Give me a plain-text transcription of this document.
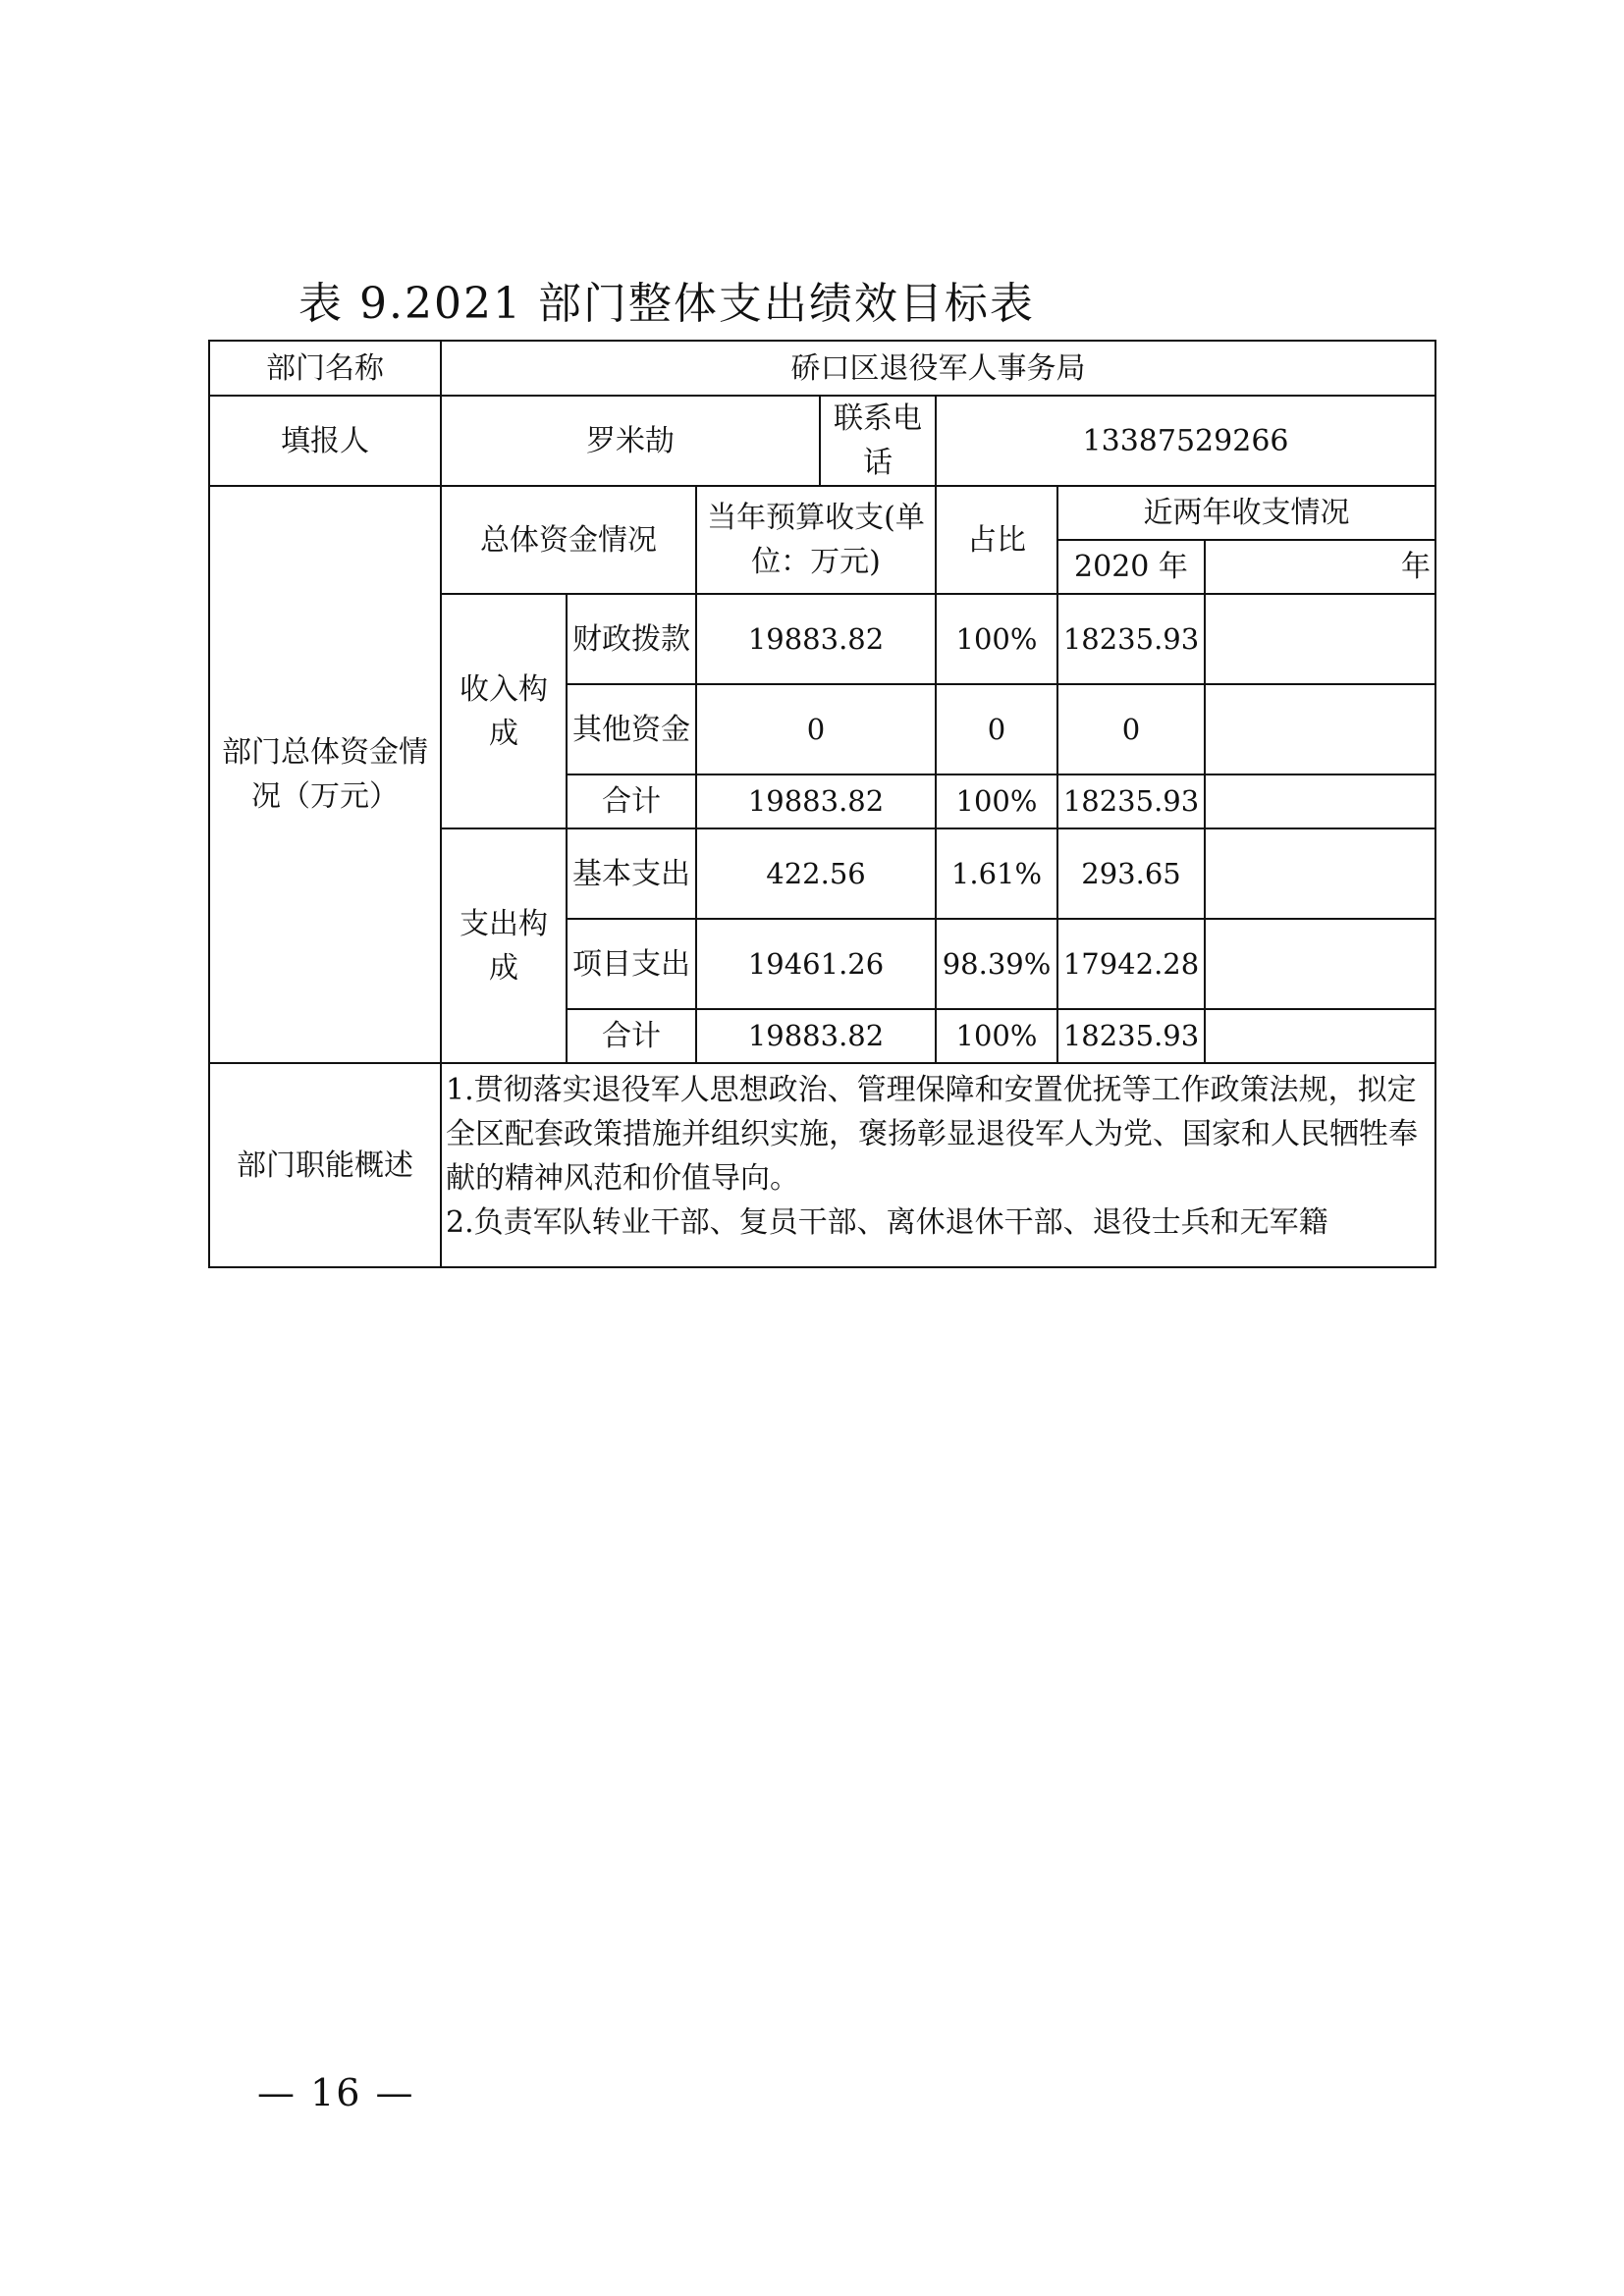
表 9.2021 部门整体支出绩效目标表
部门名称	硚口区退役军人事务局						
填报人	罗米劼			联系电话	13387529266		
部门总体资金情况（万元）	总体资金情况		当年预算收支(单位：万元)		占比	近两年收支情况	
						2020 年	年
	收入构成	财政拨款	19883.82		100%	18235.93	
		其他资金	0		0	0	
		合计	19883.82		100%	18235.93	
	支出构成	基本支出	422.56		1.61%	293.65	
		项目支出	19461.26		98.39%	17942.28	
		合计	19883.82		100%	18235.93	
部门职能概述	1.贯彻落实退役军人思想政治、管理保障和安置优抚等工作政策法规，拟定全区配套政策措施并组织实施，褒扬彰显退役军人为党、国家和人民牺牲奉献的精神风范和价值导向。

2.负责军队转业干部、复员干部、离休退休干部、退役士兵和无军籍						

— 16 —
